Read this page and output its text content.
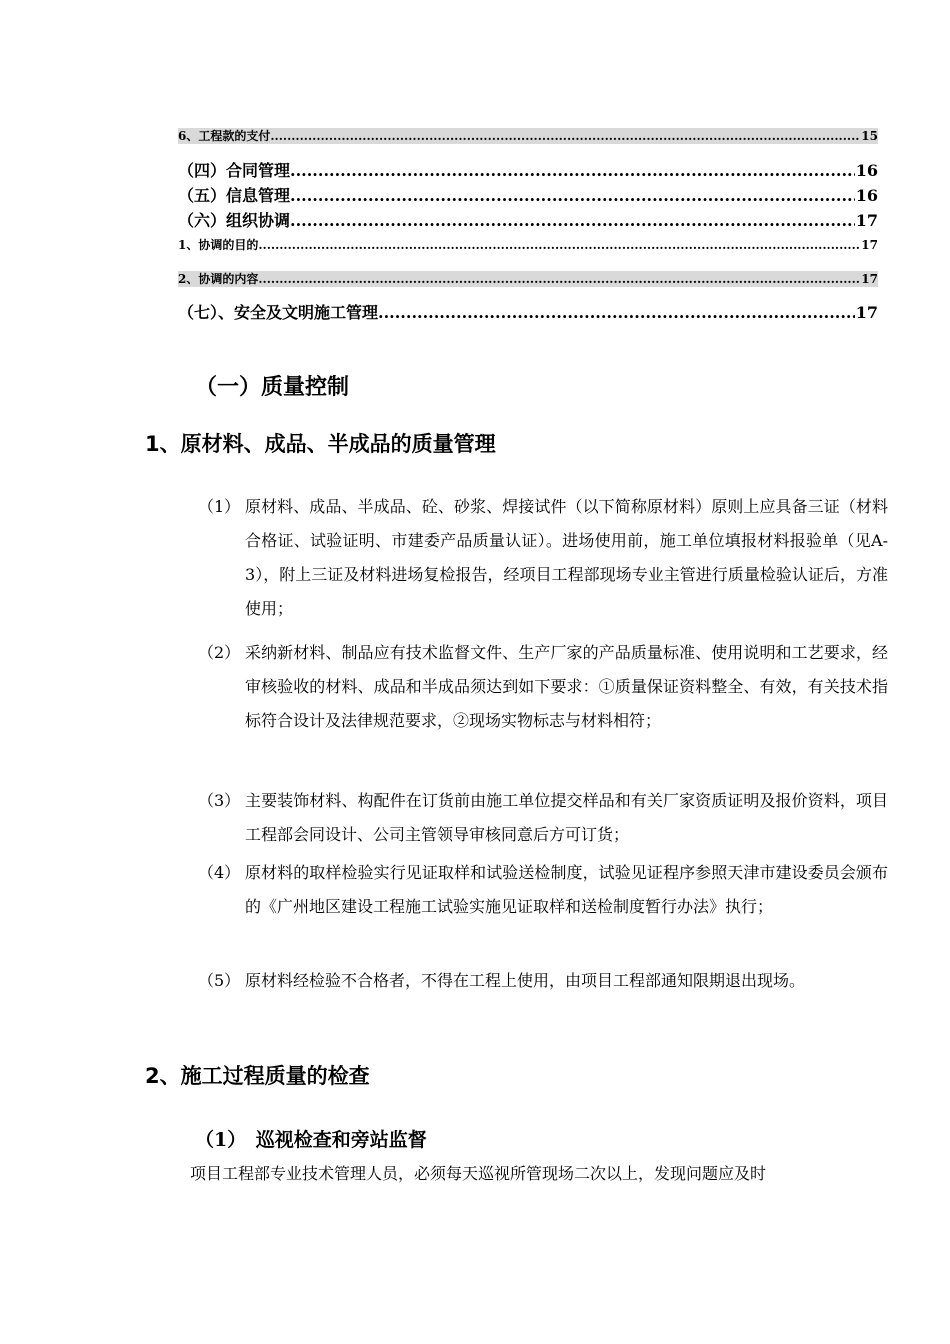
6、工程款的支付 .....	15
（四）合同管理 .....	16
（五）信息管理 .....	16
（六）组织协调 .....	17
1、协调的目的 .....	17
2、协调的内容 .....	17
（七）、安全及文明施工管理 .....	17
（一）质量控制
1、原材料、成品、半成品的质量管理
（1） 原材料、成品、半成品、砼、砂浆、焊接试件（以下简称原材料）原则上应具备三证（材料合格证、试验证明、市建委产品质量认证）。进场使用前，施工单位填报材料报验单（见A-3），附上三证及材料进场复检报告，经项目工程部现场专业主管进行质量检验认证后，方准使用；
（2） 采纳新材料、制品应有技术监督文件、生产厂家的产品质量标准、使用说明和工艺要求，经审核验收的材料、成品和半成品须达到如下要求：①质量保证资料整全、有效，有关技术指标符合设计及法律规范要求，②现场实物标志与材料相符；
（3） 主要装饰材料、构配件在订货前由施工单位提交样品和有关厂家资质证明及报价资料，项目工程部会同设计、公司主管领导审核同意后方可订货；
（4） 原材料的取样检验实行见证取样和试验送检制度，试验见证程序参照天津市建设委员会颁布的《广州地区建设工程施工试验实施见证取样和送检制度暂行办法》执行；
（5） 原材料经检验不合格者，不得在工程上使用，由项目工程部通知限期退出现场。
2、施工过程质量的检查
（1）　巡视检查和旁站监督
项目工程部专业技术管理人员，必须每天巡视所管现场二次以上，发现问题应及时
